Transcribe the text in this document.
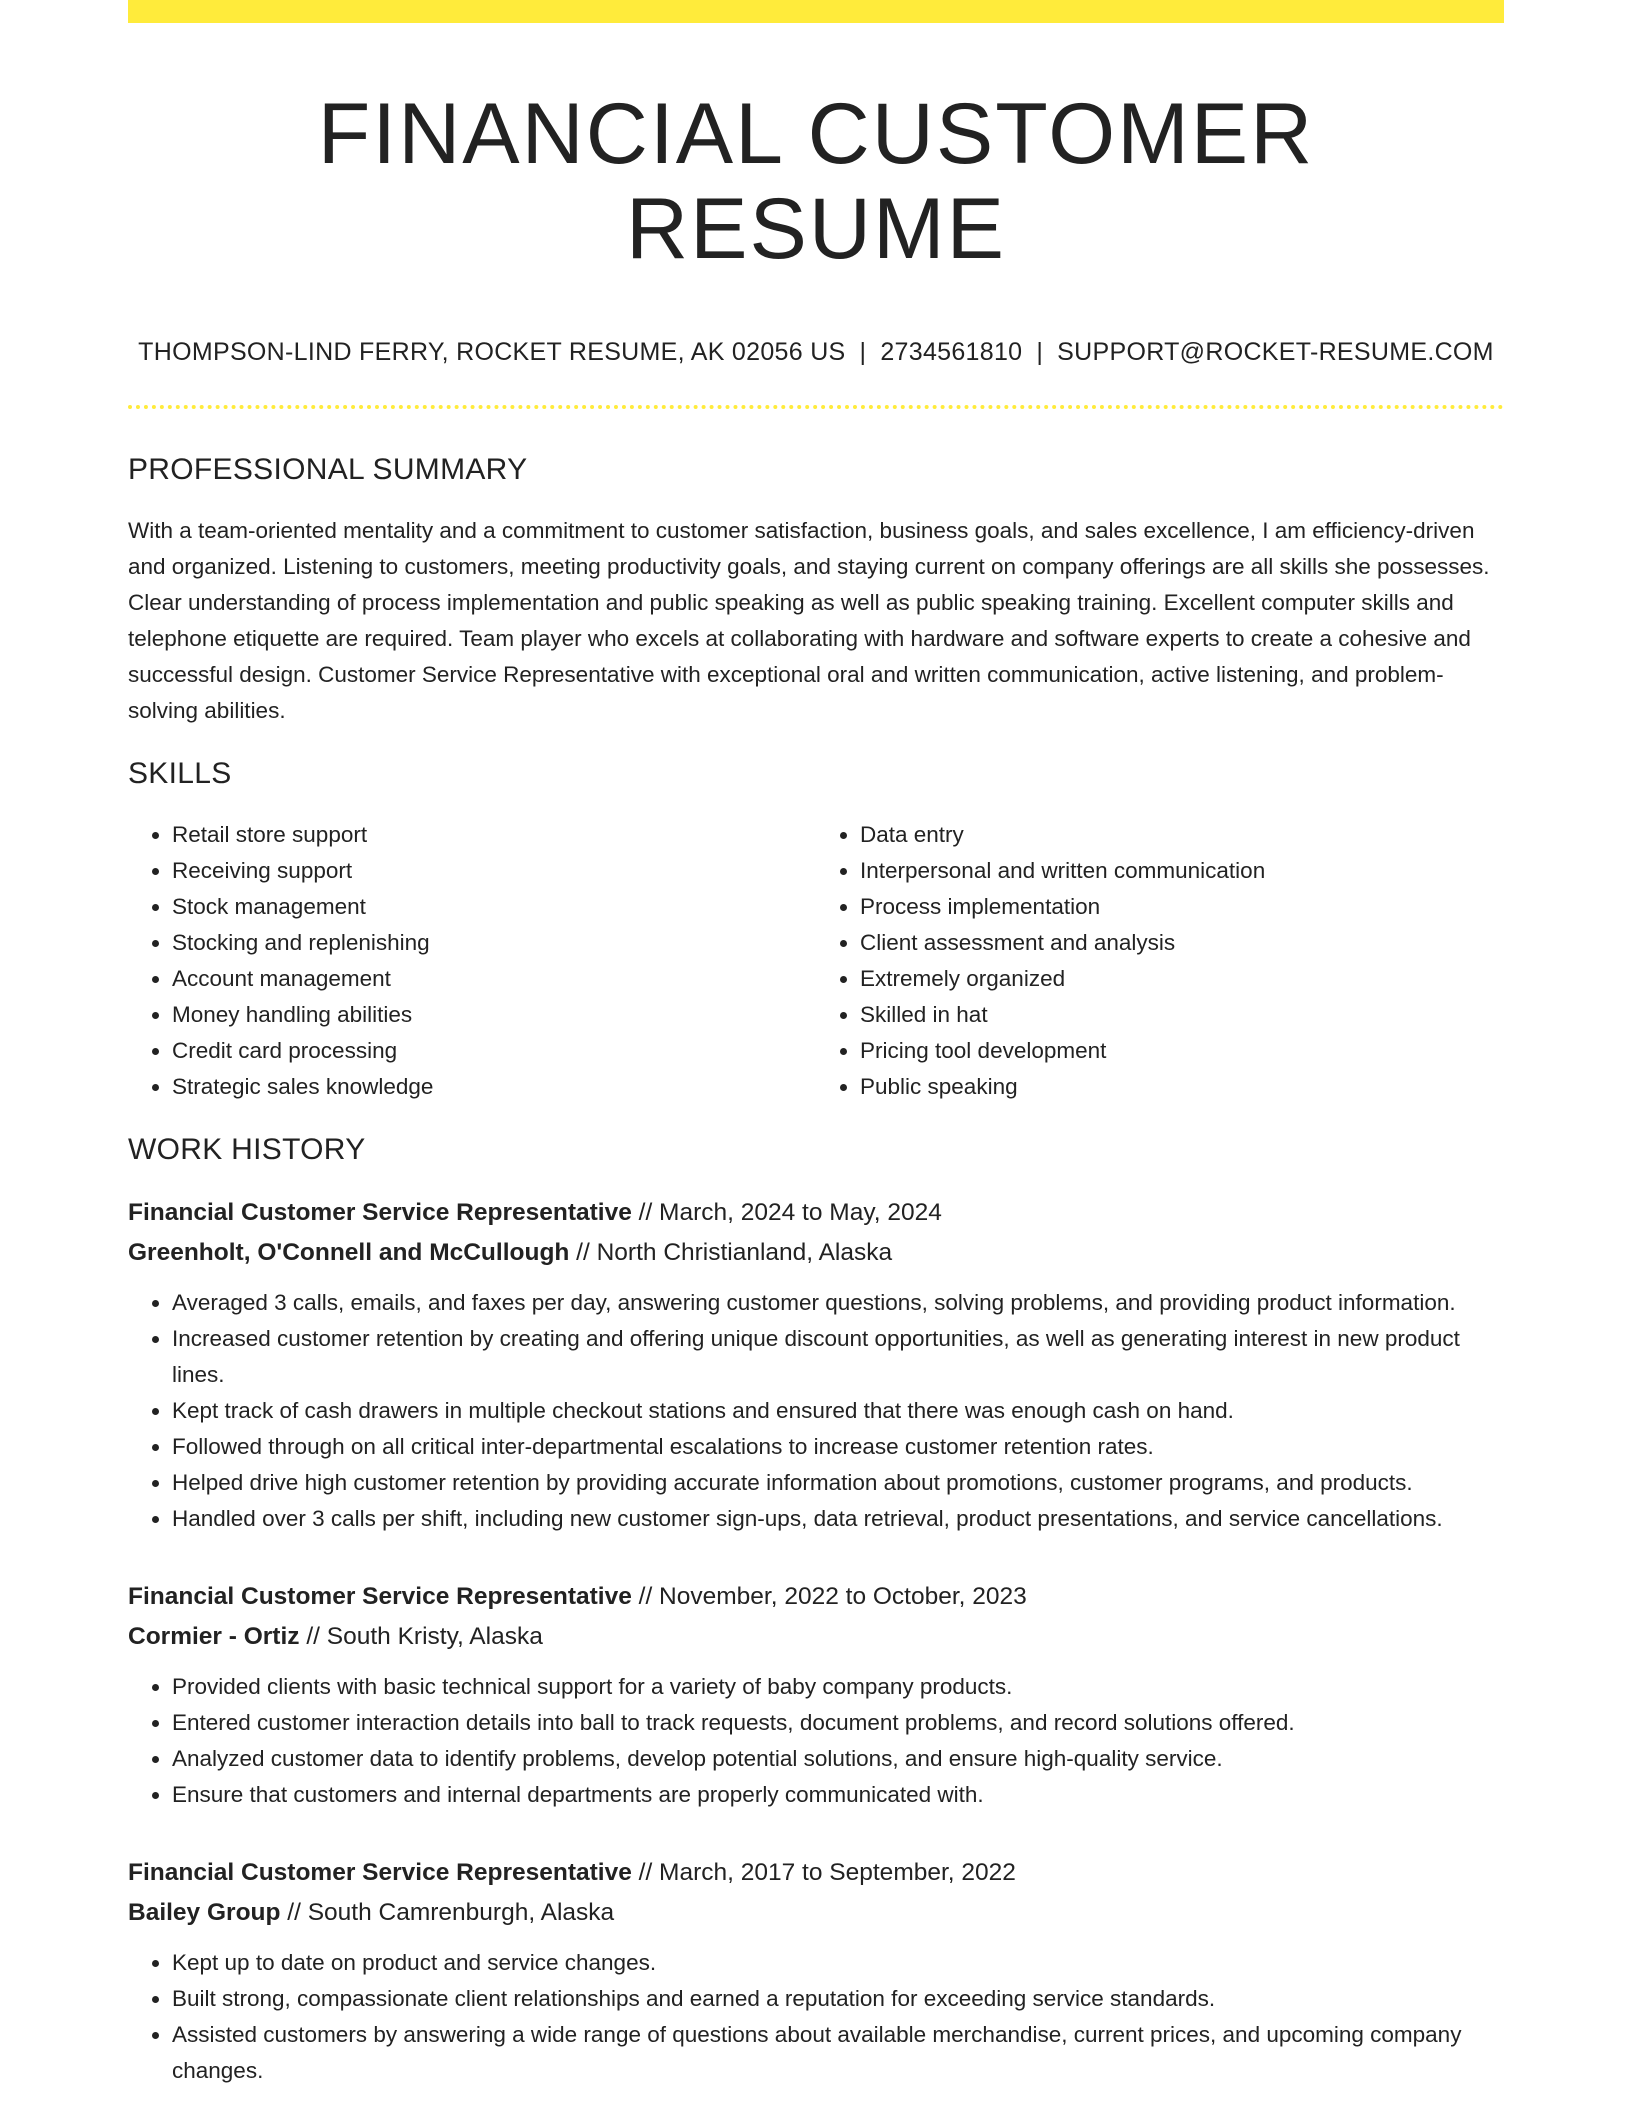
FINANCIAL CUSTOMER RESUME
THOMPSON-LIND FERRY, ROCKET RESUME, AK 02056 US | 2734561810 | SUPPORT@ROCKET-RESUME.COM
PROFESSIONAL SUMMARY

With a team-oriented mentality and a commitment to customer satisfaction, business goals, and sales excellence, I am efficiency-driven and organized. Listening to customers, meeting productivity goals, and staying current on company offerings are all skills she possesses. Clear understanding of process implementation and public speaking as well as public speaking training. Excellent computer skills and telephone etiquette are required. Team player who excels at collaborating with hardware and software experts to create a cohesive and successful design. Customer Service Representative with exceptional oral and written communication, active listening, and problem-solving abilities.

SKILLS
• Retail store support
• Receiving support
• Stock management
• Stocking and replenishing
• Account management
• Money handling abilities
• Credit card processing
• Strategic sales knowledge
• Data entry
• Interpersonal and written communication
• Process implementation
• Client assessment and analysis
• Extremely organized
• Skilled in hat
• Pricing tool development
• Public speaking
WORK HISTORY
Financial Customer Service Representative // March, 2024 to May, 2024
Greenholt, O'Connell and McCullough // North Christianland, Alaska
• Averaged 3 calls, emails, and faxes per day, answering customer questions, solving problems, and providing product information.
• Increased customer retention by creating and offering unique discount opportunities, as well as generating interest in new product lines.
• Kept track of cash drawers in multiple checkout stations and ensured that there was enough cash on hand.
• Followed through on all critical inter-departmental escalations to increase customer retention rates.
• Helped drive high customer retention by providing accurate information about promotions, customer programs, and products.
• Handled over 3 calls per shift, including new customer sign-ups, data retrieval, product presentations, and service cancellations.
Financial Customer Service Representative // November, 2022 to October, 2023
Cormier - Ortiz // South Kristy, Alaska
• Provided clients with basic technical support for a variety of baby company products.
• Entered customer interaction details into ball to track requests, document problems, and record solutions offered.
• Analyzed customer data to identify problems, develop potential solutions, and ensure high-quality service.
• Ensure that customers and internal departments are properly communicated with.
Financial Customer Service Representative // March, 2017 to September, 2022
Bailey Group // South Camrenburgh, Alaska
• Kept up to date on product and service changes.
• Built strong, compassionate client relationships and earned a reputation for exceeding service standards.
• Assisted customers by answering a wide range of questions about available merchandise, current prices, and upcoming company changes.
